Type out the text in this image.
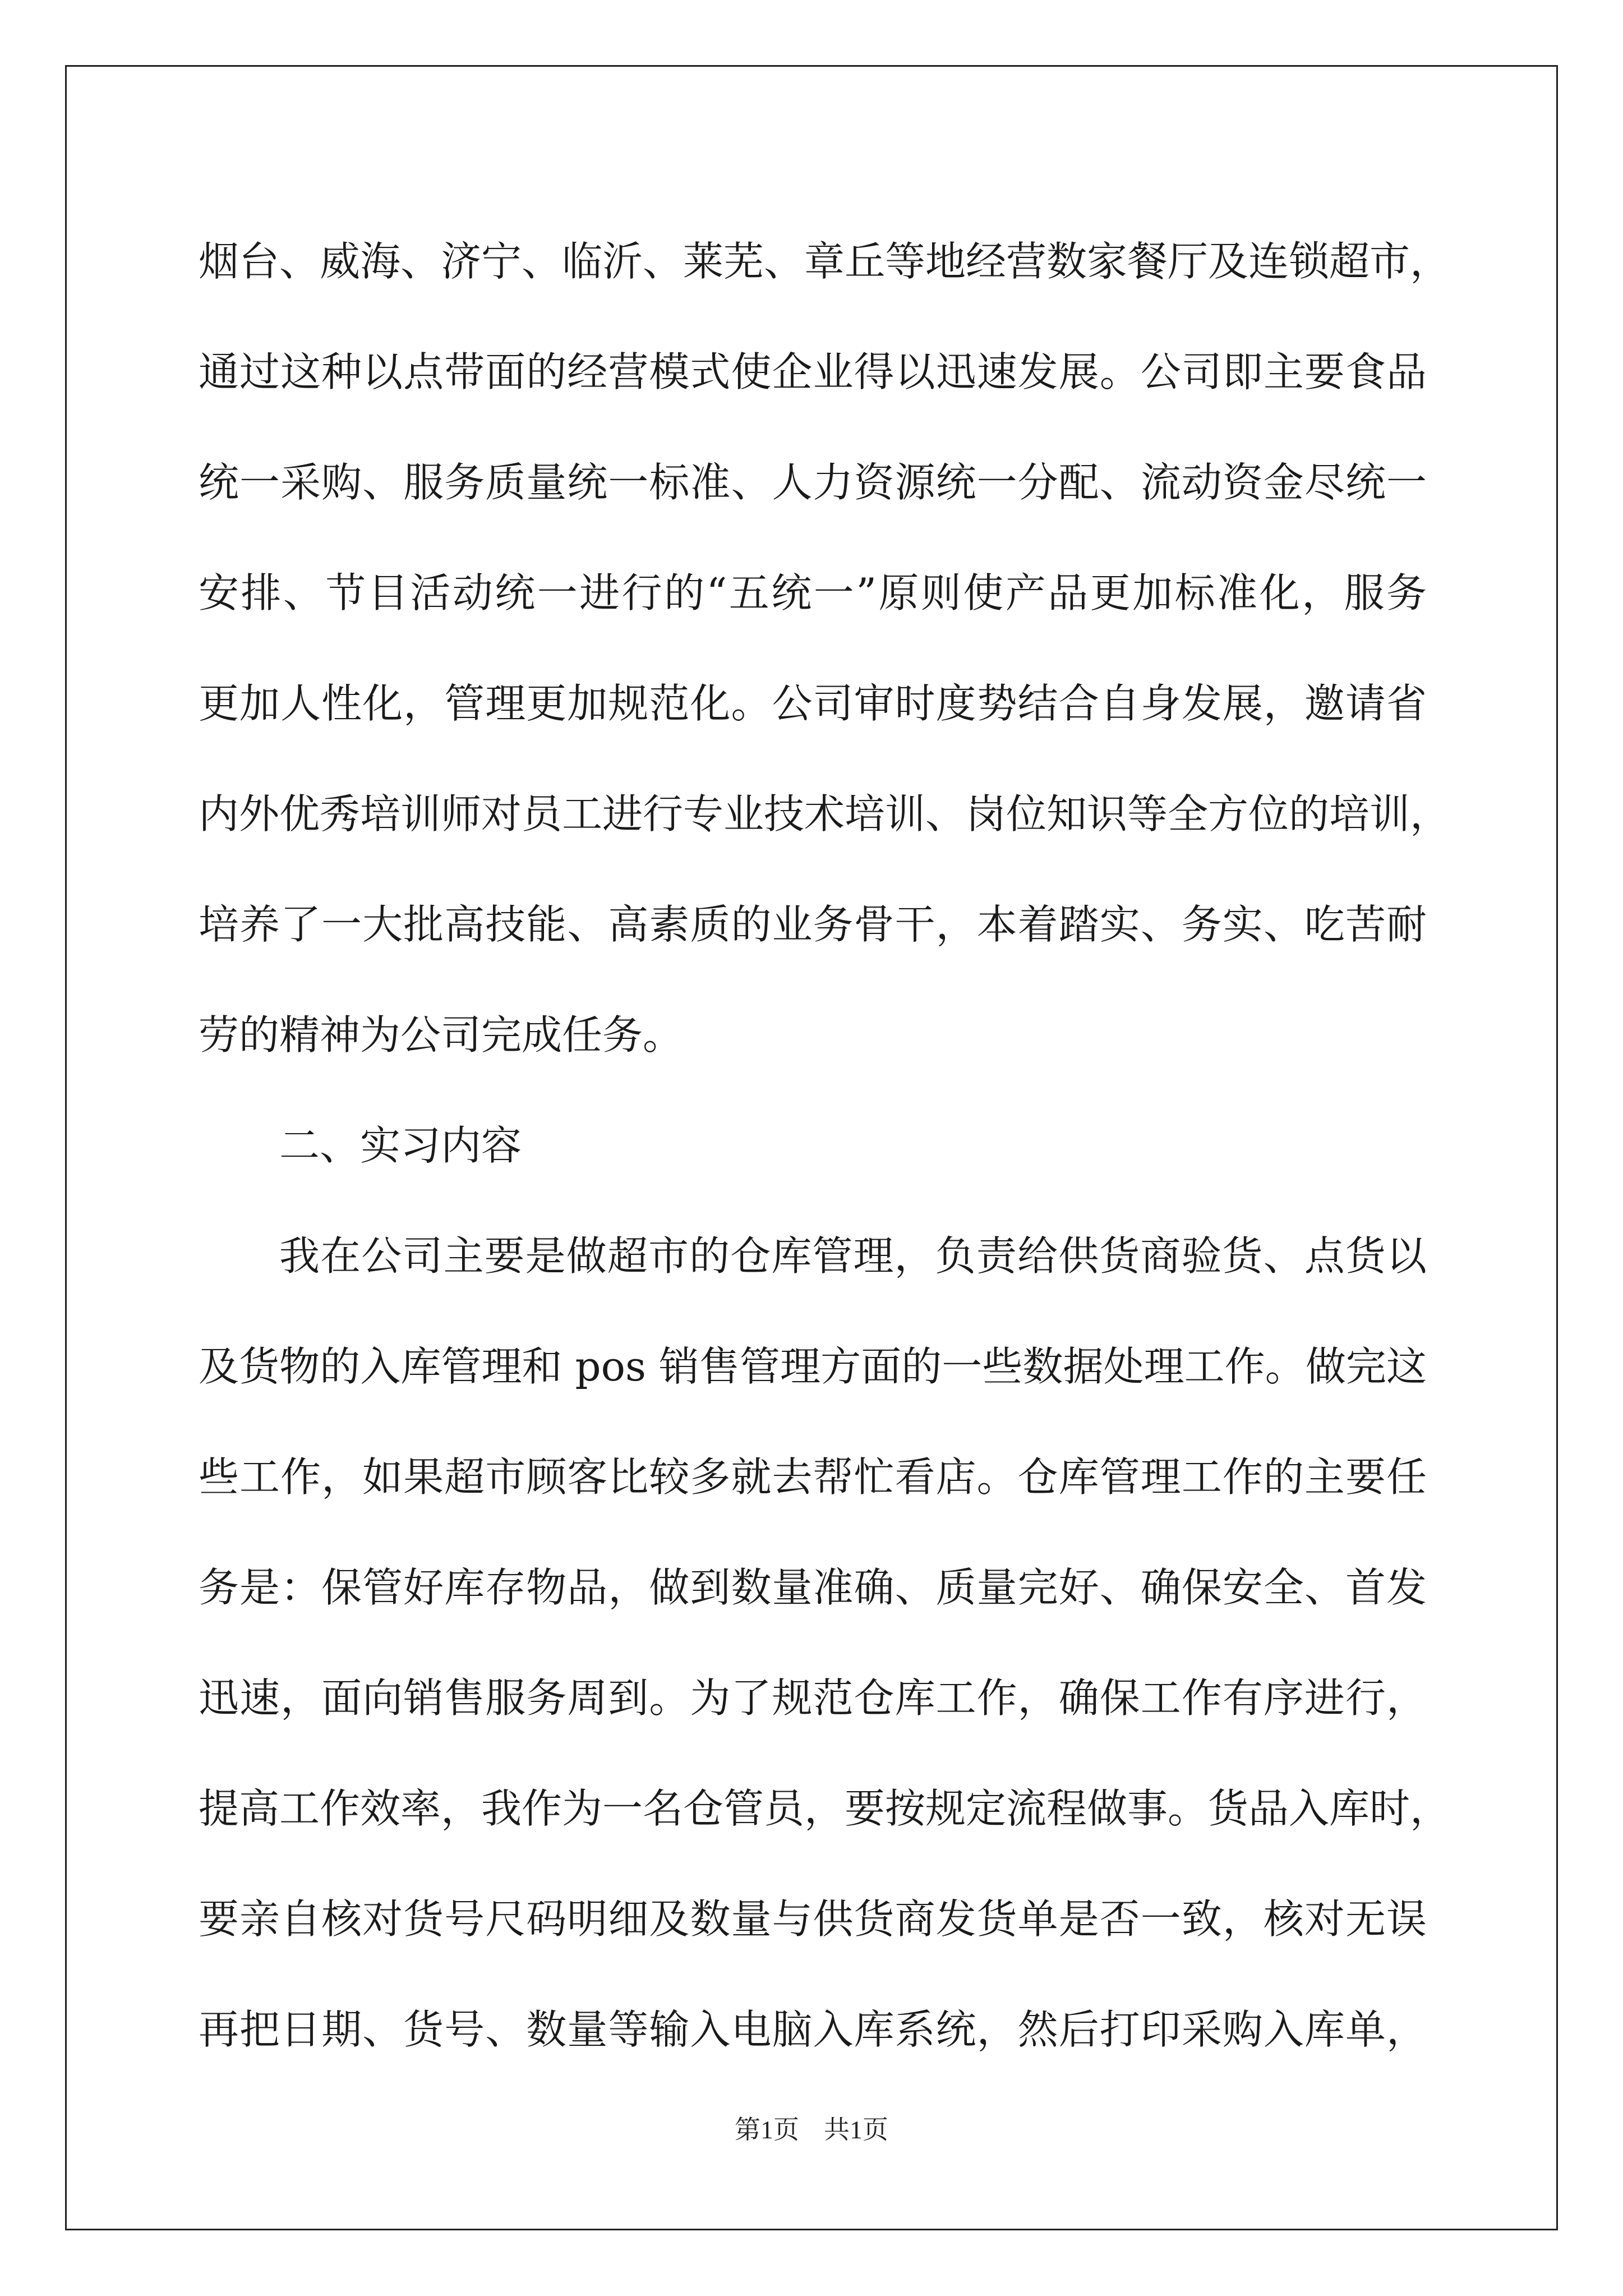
烟台、威海、济宁、临沂、莱芜、章丘等地经营数家餐厅及连锁超市，
通过这种以点带面的经营模式使企业得以迅速发展。公司即主要食品
统一采购、服务质量统一标准、人力资源统一分配、流动资金尽统一
安排、节目活动统一进行的“五统一”原则使产品更加标准化，服务
更加人性化，管理更加规范化。公司审时度势结合自身发展，邀请省
内外优秀培训师对员工进行专业技术培训、岗位知识等全方位的培训，
培养了一大批高技能、高素质的业务骨干，本着踏实、务实、吃苦耐
劳的精神为公司完成任务。
二、实习内容
我在公司主要是做超市的仓库管理，负责给供货商验货、点货以
及货物的入库管理和 pos 销售管理方面的一些数据处理工作。做完这
些工作，如果超市顾客比较多就去帮忙看店。仓库管理工作的主要任
务是：保管好库存物品，做到数量准确、质量完好、确保安全、首发
迅速，面向销售服务周到。为了规范仓库工作，确保工作有序进行，
提高工作效率，我作为一名仓管员，要按规定流程做事。货品入库时，
要亲自核对货号尺码明细及数量与供货商发货单是否一致，核对无误
再把日期、货号、数量等输入电脑入库系统，然后打印采购入库单，
第1页 共1页
